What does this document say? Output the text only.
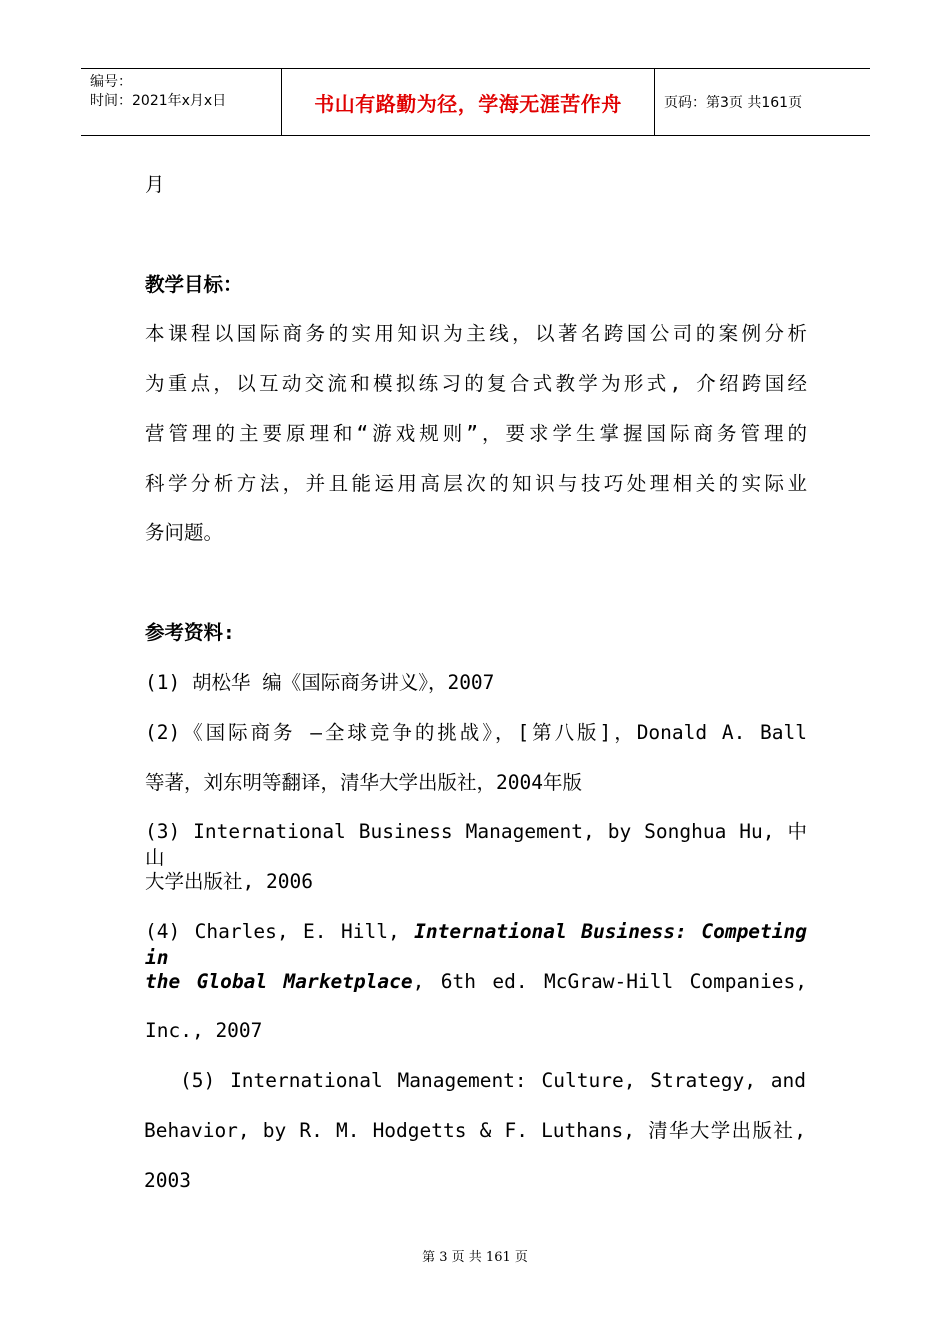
编号：
时间：2021年x月x日	书山有路勤为径，学海无涯苦作舟	页码：第3页 共161页
月
教学目标：
本课程以国际商务的实用知识为主线，以著名跨国公司的案例分析
为重点，以互动交流和模拟练习的复合式教学为形式, 介绍跨国经
营管理的主要原理和“游戏规则”，要求学生掌握国际商务管理的
科学分析方法，并且能运用高层次的知识与技巧处理相关的实际业
务问题。
参考资料:
(1) 胡松华 编《国际商务讲义》，2007
(2)《国际商务 —全球竞争的挑战》，[第八版]，Donald A. Ball
等著，刘东明等翻译，清华大学出版社，2004年版
(3) International Business Management, by Songhua Hu, 中山
大学出版社, 2006
(4) Charles, E. Hill, International Business: Competing in
the Global Marketplace, 6th ed. McGraw-Hill Companies,
Inc., 2007
(5) International Management: Culture, Strategy, and
Behavior, by R. M. Hodgetts & F. Luthans, 清华大学出版社,
2003
第 3 页 共 161 页
